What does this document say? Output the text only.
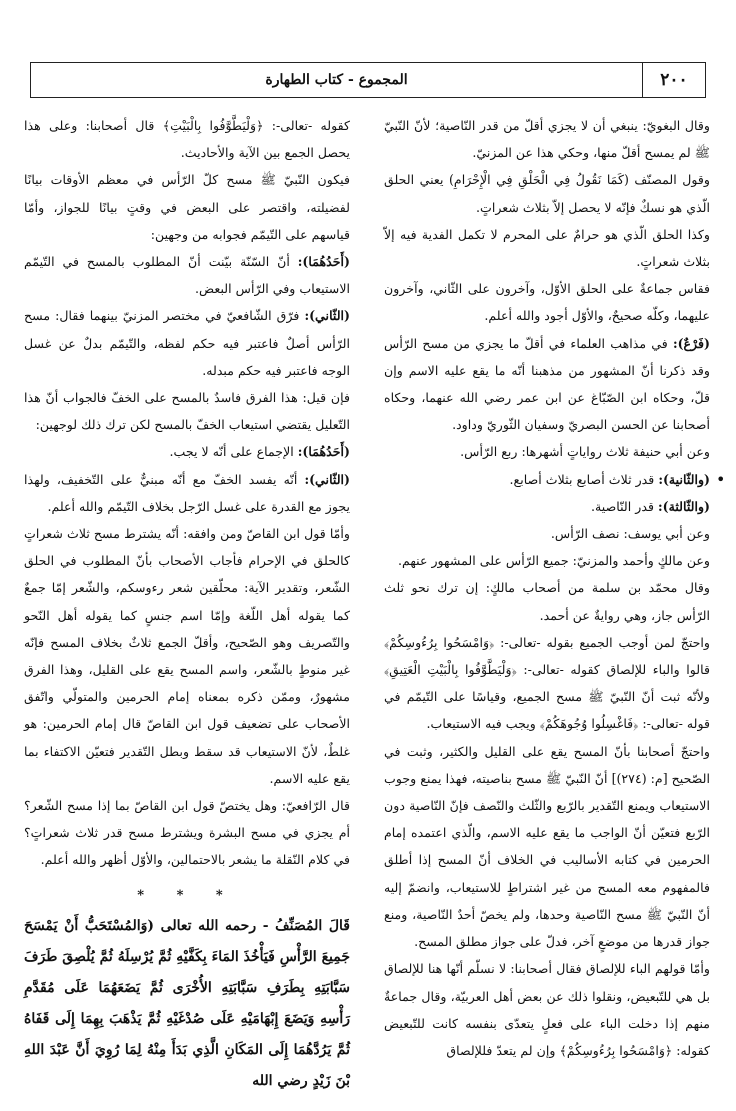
٢٠٠
المجموع - كتاب الطهارة

وقال البغويّ: ينبغي أن لا يجزي أقلّ من قدر النّاصية؛ لأنّ النّبيّ ﷺ لم يمسح أقلّ منها، وحكي هذا عن المزنيّ.

وقول المصنّف (كَمَا نَقُولُ فِي الْحَلْقِ فِي الْإِحْرَامِ) يعني الحلق الّذي هو نسكٌ فإنّه لا يحصل إلاّ بثلاث شعراتٍ.

وكذا الحلق الّذي هو حرامٌ على المحرم لا تكمل الفدية فيه إلاّ بثلاث شعراتٍ.

فقاس جماعةٌ على الحلق الأوّل، وآخرون على الثّاني، وآخرون عليهما، وكلّه صحيحٌ، والأوّل أجود والله أعلم.

(فَرْعٌ): في مذاهب العلماء في أقلّ ما يجزي من مسح الرّأس وقد ذكرنا أنّ المشهور من مذهبنا أنّه ما يقع عليه الاسم وإن قلّ، وحكاه ابن الصّبّاغ عن ابن عمر رضي الله عنهما، وحكاه أصحابنا عن الحسن البصريّ وسفيان الثّوريّ وداود.

وعن أبي حنيفة ثلاث رواياتٍ أشهرها: ربع الرّأس.

(والثّانية): قدر ثلاث أصابع بثلاث أصابع.

(والثّالثة): قدر النّاصية.

وعن أبي يوسف: نصف الرّأس.

وعن مالكٍ وأحمد والمزنيّ: جميع الرّأس على المشهور عنهم.

وقال محمّد بن سلمة من أصحاب مالكٍ: إن ترك نحو ثلث الرّأس جاز، وهي روايةٌ عن أحمد.

واحتجّ لمن أوجب الجميع بقوله -تعالى-: ﴿وَامْسَحُوا بِرُءُوسِكُمْ﴾ قالوا والباء للإلصاق كقوله -تعالى-: ﴿وَلْيَطَّوَّفُوا بِالْبَيْتِ الْعَتِيقِ﴾ ولأنّه ثبت أنّ النّبيّ ﷺ مسح الجميع، وقياسًا على التّيمّم في قوله -تعالى-: ﴿فَاغْسِلُوا وُجُوهَكُمْ﴾ ويجب فيه الاستيعاب.

واحتجّ أصحابنا بأنّ المسح يقع على القليل والكثير، وثبت في الصّحيح [م: (٢٧٤)] أنّ النّبيّ ﷺ مسح بناصيته، فهذا يمنع وجوب الاستيعاب ويمنع التّقدير بالرّبع والثّلث والنّصف فإنّ النّاصية دون الرّبع فتعيّن أنّ الواجب ما يقع عليه الاسم، والّذي اعتمده إمام الحرمين في كتابه الأساليب في الخلاف أنّ المسح إذا أطلق فالمفهوم معه المسح من غير اشتراطٍ للاستيعاب، وانضمّ إليه أنّ النّبيّ ﷺ مسح النّاصية وحدها، ولم يخصّ أحدٌ النّاصية، ومنع جواز قدرها من موضعٍ آخر، فدلّ على جواز مطلق المسح.

وأمّا قولهم الباء للإلصاق فقال أصحابنا: لا نسلّم أنّها هنا للإلصاق بل هي للتّبعيض، ونقلوا ذلك عن بعض أهل العربيّة، وقال جماعةٌ منهم إذا دخلت الباء على فعلٍ يتعدّى بنفسه كانت للتّبعيض كقوله: ﴿وَامْسَحُوا بِرُءُوسِكُمْ﴾ وإن لم يتعدّ فللإلصاق

كقوله -تعالى-: ﴿وَلْيَطَّوَّفُوا بِالْبَيْتِ﴾ قال أصحابنا: وعلى هذا يحصل الجمع بين الآية والأحاديث.

فيكون النّبيّ ﷺ مسح كلّ الرّأس في معظم الأوقات بيانًا لفضيلته، واقتصر على البعض في وقتٍ بيانًا للجواز، وأمّا قياسهم على التّيمّم فجوابه من وجهين:

(أَحَدُهُمَا): أنّ السّنّة بيّنت أنّ المطلوب بالمسح في التّيمّم الاستيعاب وفي الرّأس البعض.

(الثّاني): فرّق الشّافعيّ في مختصر المزنيّ بينهما فقال: مسح الرّأس أصلٌ فاعتبر فيه حكم لفظه، والتّيمّم بدلٌ عن غسل الوجه فاعتبر فيه حكم مبدله.

فإن قيل: هذا الفرق فاسدٌ بالمسح على الخفّ فالجواب أنّ هذا التّعليل يقتضي استيعاب الخفّ بالمسح لكن ترك ذلك لوجهين:

(أَحَدُهُمَا): الإجماع على أنّه لا يجب.

(الثّاني): أنّه يفسد الخفّ مع أنّه مبنيٌّ على التّخفيف، ولهذا يجوز مع القدرة على غسل الرّجل بخلاف التّيمّم والله أعلم.

وأمّا قول ابن القاصّ ومن وافقه: أنّه يشترط مسح ثلاث شعراتٍ كالحلق في الإحرام فأجاب الأصحاب بأنّ المطلوب في الحلق الشّعر، وتقدير الآية: محلّقين شعر رءوسكم، والشّعر إمّا جمعٌ كما يقوله أهل اللّغة وإمّا اسم جنسٍ كما يقوله أهل النّحو والتّصريف وهو الصّحيح، وأقلّ الجمع ثلاثٌ بخلاف المسح فإنّه غير منوطٍ بالشّعر، واسم المسح يقع على القليل، وهذا الفرق مشهورٌ، وممّن ذكره بمعناه إمام الحرمين والمتولّي واتّفق الأصحاب على تضعيف قول ابن القاصّ قال إمام الحرمين: هو غلطٌ، لأنّ الاستيعاب قد سقط وبطل التّقدير فتعيّن الاكتفاء بما يقع عليه الاسم.

قال الرّافعيّ: وهل يختصّ قول ابن القاصّ بما إذا مسح الشّعر؟ أم يجزي في مسح البشرة ويشترط مسح قدر ثلاث شعراتٍ؟ في كلام النّقلة ما يشعر بالاحتمالين، والأوّل أظهر والله أعلم.

* * *

قَالَ المُصَنِّفُ - رحمه الله تعالى (وَالمُسْتَحَبُّ أَنْ يَمْسَحَ جَمِيعَ الرَّأْسِ فَيَأْخُذَ المَاءَ بِكَفَّيْهِ ثُمَّ يُرْسِلَهُ ثُمَّ يُلْصِقَ طَرَفَ سَبَّابَتِهِ بِطَرَفِ سَبَّابَتِهِ الأُخْرَى ثُمَّ يَضَعَهُمَا عَلَى مُقَدَّمِ رَأْسِهِ وَيَضَعَ إِبْهَامَيْهِ عَلَى صُدْغَيْهِ ثُمَّ يَذْهَبَ بِهِمَا إِلَى قَفَاهُ ثُمَّ يَرُدَّهُمَا إِلَى المَكَانِ الَّذِي بَدَأَ مِنْهُ لِمَا رُوِيَ أَنَّ عَبْدَ اللهِ بْنَ زَيْدٍ رضي الله

•
